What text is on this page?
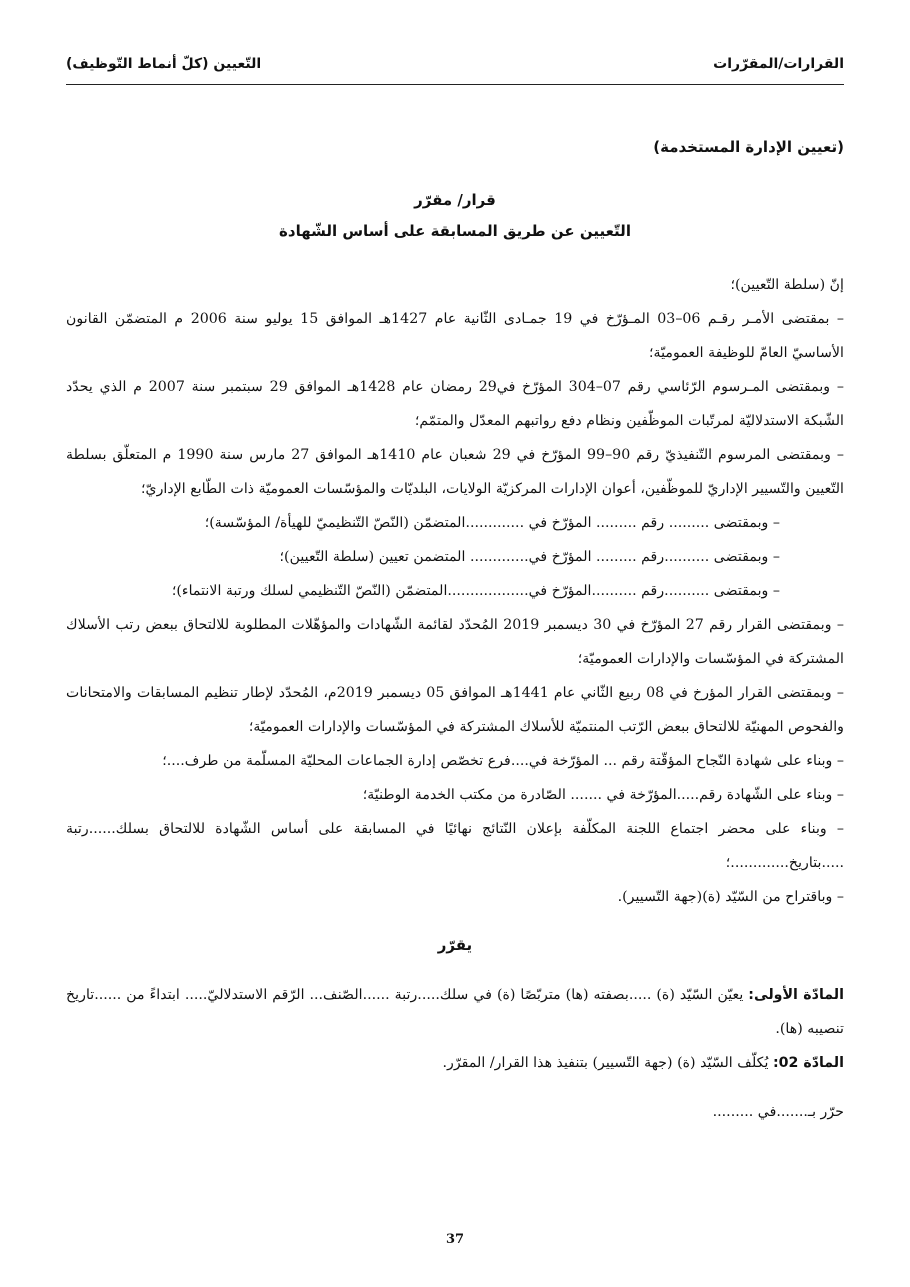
القرارات/المقرّرات
التّعيين (كلّ أنماط التّوظيف)

(تعيين الإدارة المستخدمة)

قرار/ مقرّر

التّعيين عن طريق المسابقة على أساس الشّهادة

إنّ (سلطة التّعيين)؛

– بمقتضى الأمـر رقـم 06–03 المـؤرّخ في 19 جمـادى الثّانية عام 1427هـ الموافق 15 يوليو سنة 2006 م المتضمّن القانون الأساسيّ العامّ للوظيفة العموميّة؛

– وبمقتضى المـرسوم الرّئاسي رقم 07–304 المؤرّخ في29 رمضان عام 1428هـ الموافق 29 سبتمبر سنة 2007 م الذي يحدّد الشّبكة الاستدلاليّة لمرتّبات الموظّفين ونظام دفع رواتبهم المعدّل والمتمّم؛

– وبمقتضى المرسوم التّنفيذيّ رقم 90–99 المؤرّخ في 29 شعبان عام 1410هـ الموافق 27 مارس سنة 1990 م المتعلّق بسلطة التّعيين والتّسيير الإداريّ للموظّفين، أعوان الإدارات المركزيّة الولايات، البلديّات والمؤسّسات العموميّة ذات الطّابع الإداريّ؛

– وبمقتضى ......... رقم ......... المؤرّخ في .............المتضمّن (النّصّ التّنظيميّ للهيأة/ المؤسّسة)؛

– وبمقتضى ..........رقم ......... المؤرّخ في............. المتضمن تعيين (سلطة التّعيين)؛

– وبمقتضى ..........رقم ..........المؤرّخ في..................المتضمّن (النّصّ التّنظيمي لسلك ورتبة الانتماء)؛

– وبمقتضى القرار رقم 27 المؤرّخ في 30 ديسمبر 2019 المُحدّد لقائمة الشّهادات والمؤهّلات المطلوبة للالتحاق ببعض رتب الأسلاك المشتركة في المؤسّسات والإدارات العموميّة؛

– وبمقتضى القرار المؤرخ في 08 ربيع الثّاني عام 1441هـ الموافق 05 ديسمبر 2019م، المُحدّد لإطار تنظيم المسابقات والامتحانات والفحوص المهنيّة للالتحاق ببعض الرّتب المنتميّة للأسلاك المشتركة في المؤسّسات والإدارات العموميّة؛

– وبناء على شهادة النّجاح المؤقّتة رقم ... المؤرّخة في....فرع تخصّص إدارة الجماعات المحليّة المسلّمة من طرف....؛

– وبناء على الشّهادة رقم.....المؤرّخة في ....... الصّادرة من مكتب الخدمة الوطنيّة؛

– وبناء على محضر اجتماع اللجنة المكلّفة بإعلان النّتائج نهائيًا في المسابقة على أساس الشّهادة للالتحاق بسلك......رتبة .....بتاريخ.............؛

– وباقتراح من السّيّد (ة)(جهة التّسيير).

يقرّر

المادّة الأولى: يعيّن السّيّد (ة) .....بصفته (ها) متربّصًا (ة) في سلك.....رتبة ......الصّنف... الرّقم الاستدلاليّ..... ابتداءً من ......تاريخ تنصيبه (ها).

المادّة 02: يُكلّف السّيّد (ة) (جهة التّسيير) بتنفيذ هذا القرار/ المقرّر.

حرّر بـ.......في .........

37
